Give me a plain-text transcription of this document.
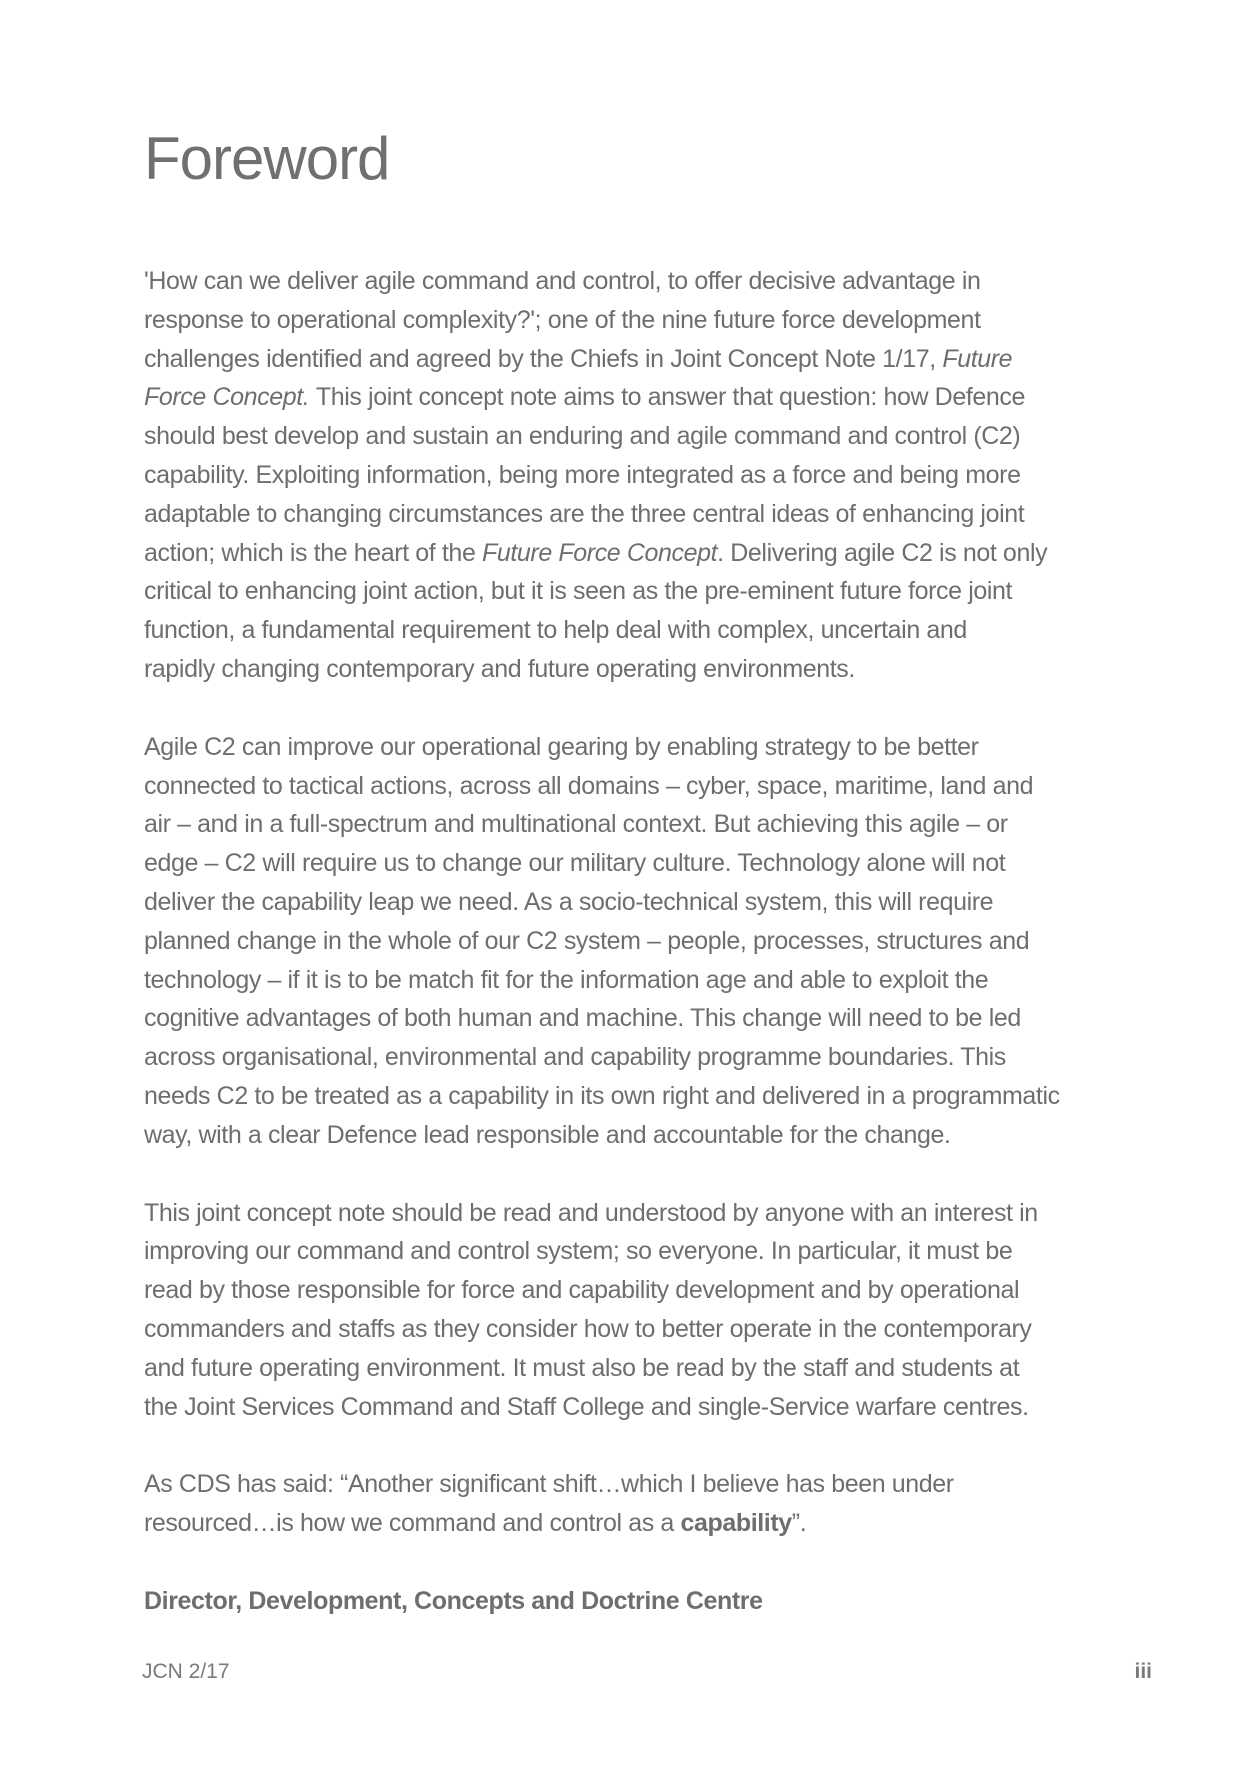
Foreword

'How can we deliver agile command and control, to offer decisive advantage in
response to operational complexity?'; one of the nine future force development
challenges identified and agreed by the Chiefs in Joint Concept Note 1/17, Future
Force Concept. This joint concept note aims to answer that question: how Defence
should best develop and sustain an enduring and agile command and control (C2)
capability. Exploiting information, being more integrated as a force and being more
adaptable to changing circumstances are the three central ideas of enhancing joint
action; which is the heart of the Future Force Concept. Delivering agile C2 is not only
critical to enhancing joint action, but it is seen as the pre-eminent future force joint
function, a fundamental requirement to help deal with complex, uncertain and
rapidly changing contemporary and future operating environments.

Agile C2 can improve our operational gearing by enabling strategy to be better
connected to tactical actions, across all domains – cyber, space, maritime, land and
air – and in a full-spectrum and multinational context. But achieving this agile – or
edge – C2 will require us to change our military culture. Technology alone will not
deliver the capability leap we need. As a socio-technical system, this will require
planned change in the whole of our C2 system – people, processes, structures and
technology – if it is to be match fit for the information age and able to exploit the
cognitive advantages of both human and machine. This change will need to be led
across organisational, environmental and capability programme boundaries. This
needs C2 to be treated as a capability in its own right and delivered in a programmatic
way, with a clear Defence lead responsible and accountable for the change.

This joint concept note should be read and understood by anyone with an interest in
improving our command and control system; so everyone. In particular, it must be
read by those responsible for force and capability development and by operational
commanders and staffs as they consider how to better operate in the contemporary
and future operating environment. It must also be read by the staff and students at
the Joint Services Command and Staff College and single-Service warfare centres.

As CDS has said: “Another significant shift…which I believe has been under
resourced…is how we command and control as a capability”.

Director, Development, Concepts and Doctrine Centre

JCN 2/17	iii
